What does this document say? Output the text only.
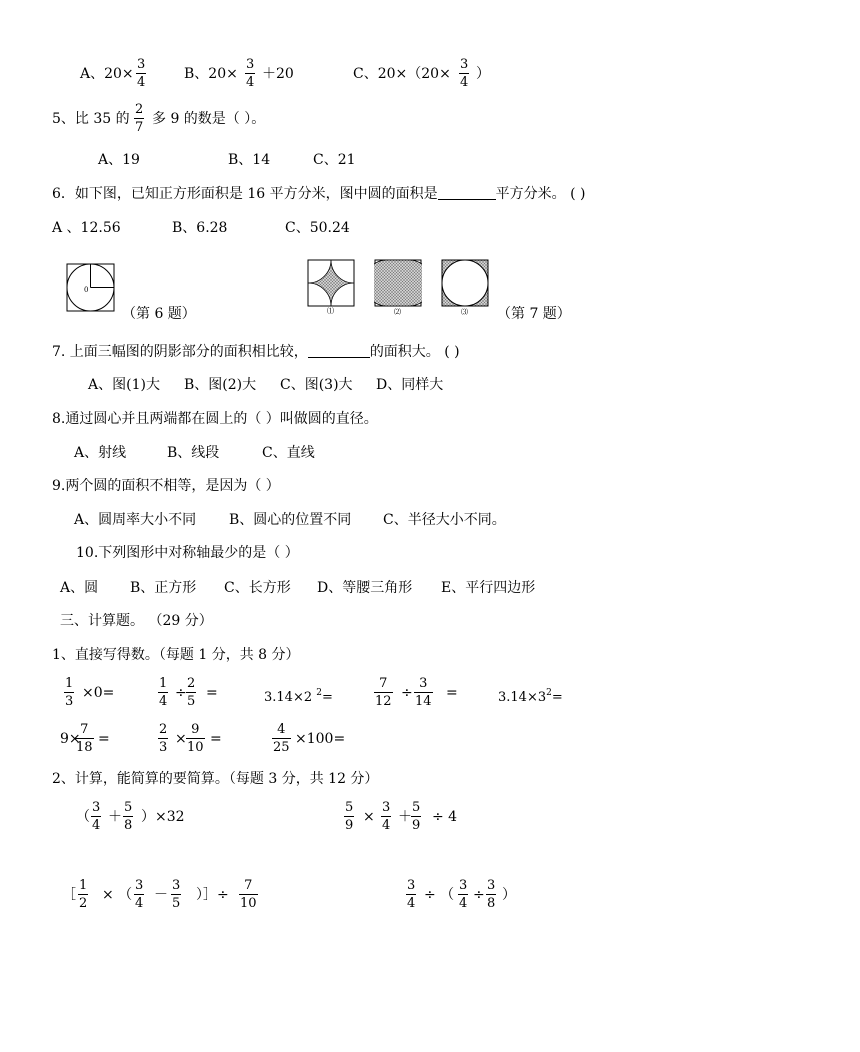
A、20×
3
4
B、20×
3
4
＋20	C、20×（20×
3
4
）
5、比 35 的
2
7
多 9 的数是（ ）。
A、19	B、14	C、21
6．如下图，已知正方形面积是 16 平方分米，图中圆的面积是	平方分米。 ( )
A 、12.56	B、6.28	C、50.24
0
（第 6 题）	⑴	⑵	⑶ （第 7 题）
7. 上面三幅图的阴影部分的面积相比较，	的面积大。 ( )
A、图(1)大 B、图(2)大 C、图(3)大 D、同样大
8.通过圆心并且两端都在圆上的（ ）叫做圆的直径。
A、射线	B、线段	C、直线
9.两个圆的面积不相等，是因为（ ）
A、圆周率大小不同 B、圆心的位置不同 C、半径大小不同。
10.下列图形中对称轴最少的是（ ）
A、圆 B、正方形 C、长方形 D、等腰三角形 E、平行四边形
三、计算题。 （29 分）
1、直接写得数。（每题 1 分，共 8 分）
1
3
×0=
1
4
÷
2
5
=	3.14×2 $^2$=
7
12
÷
3
14
=	$3.14\times 3^2=$
9×
7
18
=
2
3
×
9
10
=
4
25
×100=
2、计算，能简算的要简算。（每题 3 分，共 12 分）
（
3
4
＋
5
8
）×32
5
9
×
3
4
＋
5
9
÷ 4
［
1
2
× （
3
4
－
3
5
）］÷
7
10
3
4
÷ （
3
4
÷
3
8
）
